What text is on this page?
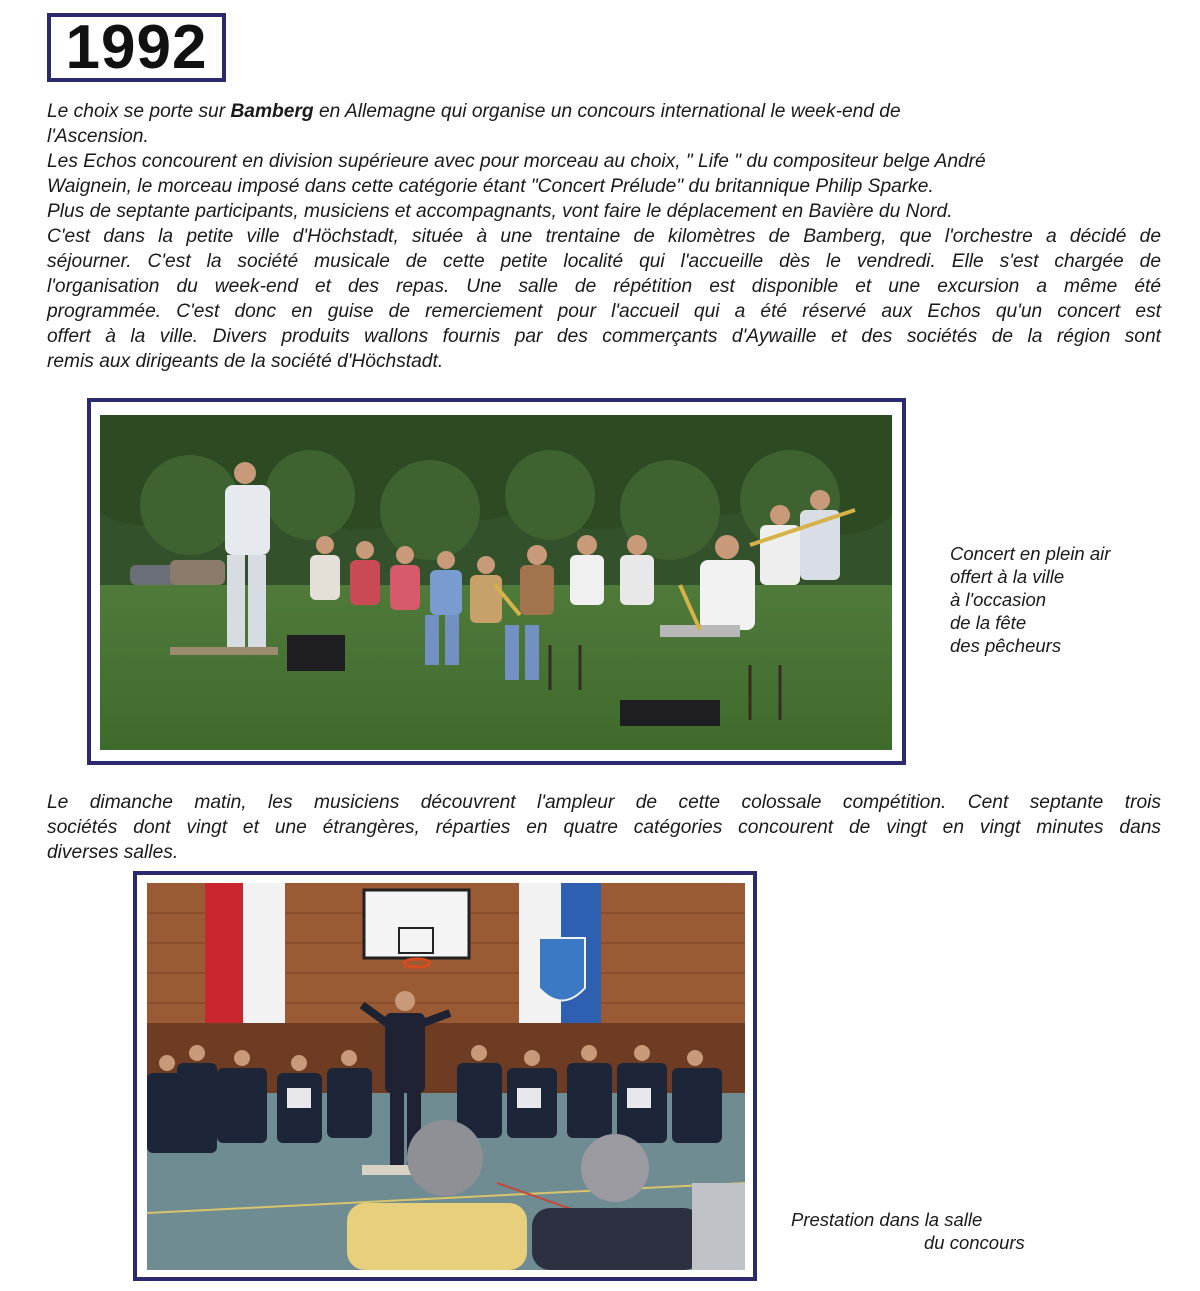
1992
Le choix se porte sur Bamberg en Allemagne qui organise un concours international le week-end de
l'Ascension.
Les Echos concourent en division supérieure avec pour morceau au choix, " Life " du compositeur belge André
Waignein, le morceau imposé dans cette catégorie étant "Concert Prélude" du britannique Philip Sparke.
Plus de septante participants, musiciens et accompagnants, vont faire le déplacement en Bavière du Nord.
C'est dans la petite ville d'Höchstadt, située à une trentaine de kilomètres de Bamberg, que l'orchestre a décidé de
séjourner. C'est la société musicale de cette petite localité qui l'accueille dès le vendredi. Elle s'est chargée de
l'organisation du week-end et des repas. Une salle de répétition est disponible et une excursion a même été
programmée. C'est donc en guise de remerciement pour l'accueil qui a été réservé aux Echos qu'un concert est
offert à la ville. Divers produits wallons fournis par des commerçants d'Aywaille et des sociétés de la région sont
remis aux dirigeants de la société d'Höchstadt.
Concert en plein air
offert à la ville
à l'occasion
de la fête
des pêcheurs
Le dimanche matin, les musiciens découvrent l'ampleur de cette colossale compétition. Cent septante trois
sociétés dont vingt et une étrangères, réparties en quatre catégories concourent de vingt en vingt minutes dans
diverses salles.
Prestation dans la salle
du concours
